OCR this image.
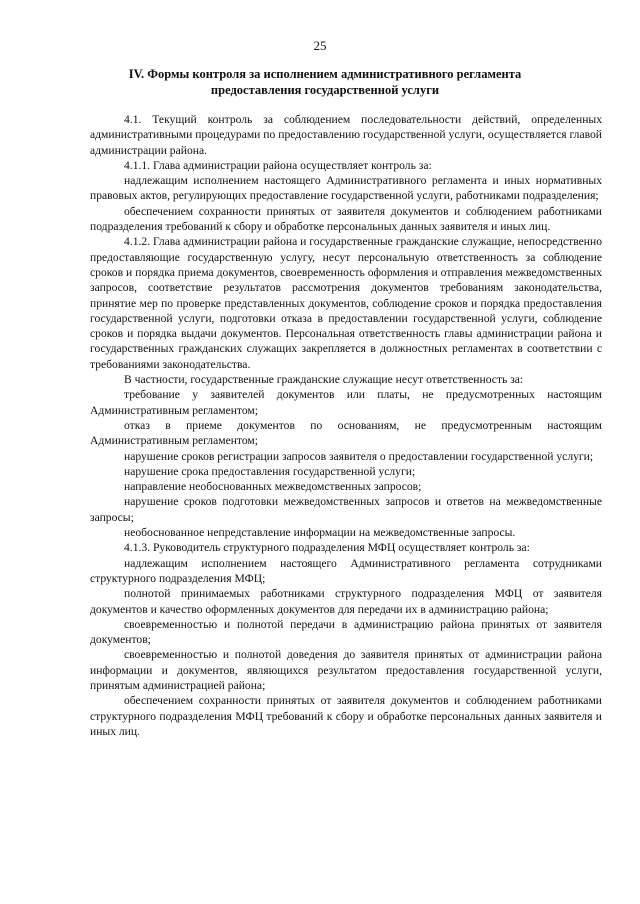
25
IV. Формы контроля за исполнением административного регламента
предоставления государственной услуги

4.1. Текущий контроль за соблюдением последовательности действий, определенных административными процедурами по предоставлению государственной услуги, осуществляется главой администрации района.

4.1.1. Глава администрации района осуществляет контроль за:

надлежащим исполнением настоящего Административного регламента и иных нормативных правовых актов, регулирующих предоставление государственной услуги, работниками подразделения;

обеспечением сохранности принятых от заявителя документов и соблюдением работниками подразделения требований к сбору и обработке персональных данных заявителя и иных лиц.

4.1.2. Глава администрации района и государственные гражданские служащие, непосредственно предоставляющие государственную услугу, несут персональную ответственность за соблюдение сроков и порядка приема документов, своевременность оформления и отправления межведомственных запросов, соответствие результатов рассмотрения документов требованиям законодательства, принятие мер по проверке представленных документов, соблюдение сроков и порядка предоставления государственной услуги, подготовки отказа в предоставлении государственной услуги, соблюдение сроков и порядка выдачи документов. Персональная ответственность главы администрации района и государственных гражданских служащих закрепляется в должностных регламентах в соответствии с требованиями законодательства.

В частности, государственные гражданские служащие несут ответственность за:

требование у заявителей документов или платы, не предусмотренных настоящим Административным регламентом;

отказ в приеме документов по основаниям, не предусмотренным настоящим Административным регламентом;

нарушение сроков регистрации запросов заявителя о предоставлении государственной услуги;

нарушение срока предоставления государственной услуги;

направление необоснованных межведомственных запросов;

нарушение сроков подготовки межведомственных запросов и ответов на межведомственные запросы;

необоснованное непредставление информации на межведомственные запросы.

4.1.3. Руководитель структурного подразделения МФЦ осуществляет контроль за:

надлежащим исполнением настоящего Административного регламента сотрудниками структурного подразделения МФЦ;

полнотой принимаемых работниками структурного подразделения МФЦ от заявителя документов и качество оформленных документов для передачи их в администрацию района;

своевременностью и полнотой передачи в администрацию района принятых от заявителя документов;

своевременностью и полнотой доведения до заявителя принятых от администрации района информации и документов, являющихся результатом предоставления государственной услуги, принятым администрацией района;

обеспечением сохранности принятых от заявителя документов и соблюдением работниками структурного подразделения МФЦ требований к сбору и обработке персональных данных заявителя и иных лиц.
